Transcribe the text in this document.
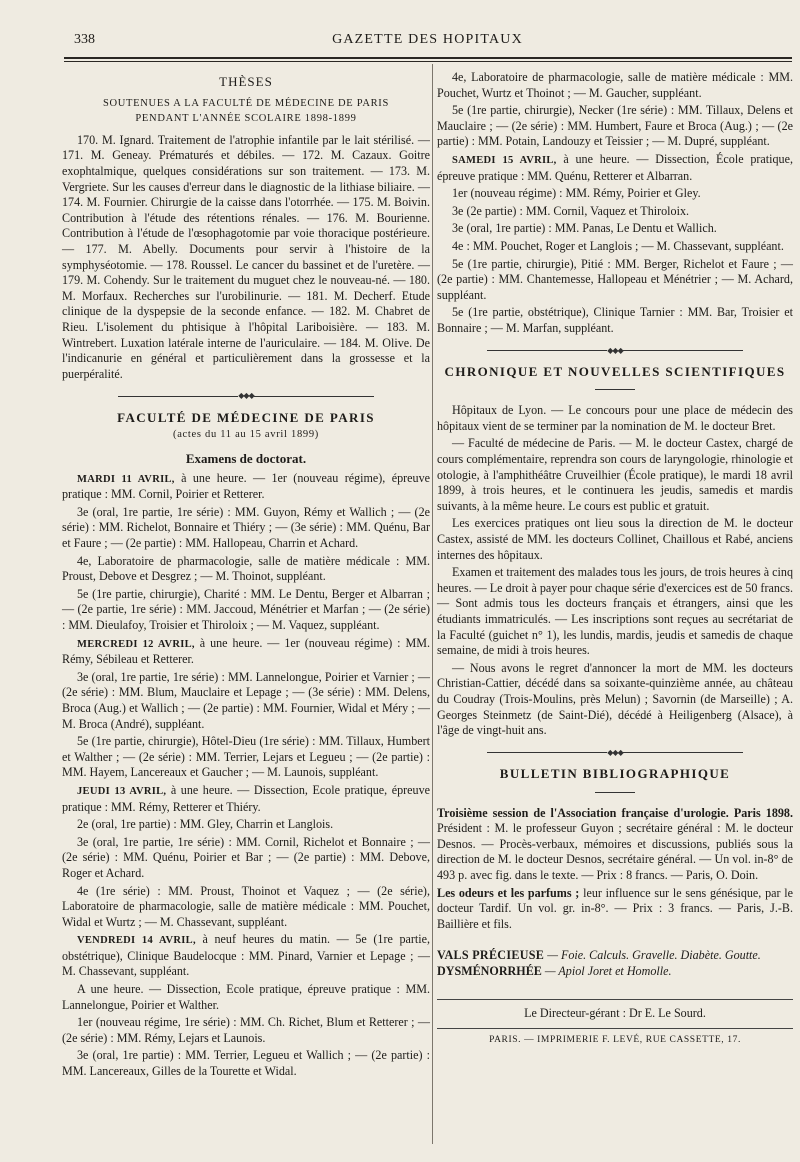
338	GAZETTE DES HOPITAUX
THÈSES
SOUTENUES A LA FACULTÉ DE MÉDECINE DE PARIS
PENDANT L'ANNÉE SCOLAIRE 1898-1899

170. M. Ignard. Traitement de l'atrophie infantile par le lait stérilisé. — 171. M. Geneay. Prématurés et débiles. — 172. M. Cazaux. Goitre exophtalmique, quelques considérations sur son traitement. — 173. M. Vergriete. Sur les causes d'erreur dans le diagnostic de la lithiase biliaire. — 174. M. Fournier. Chirurgie de la caisse dans l'otorrhée. — 175. M. Boivin. Contribution à l'étude des rétentions rénales. — 176. M. Bourienne. Contribution à l'étude de l'œsophagotomie par voie thoracique postérieure. — 177. M. Abelly. Documents pour servir à l'histoire de la symphyséotomie. — 178. Roussel. Le cancer du bassinet et de l'uretère. — 179. M. Cohendy. Sur le traitement du muguet chez le nouveau-né. — 180. M. Morfaux. Recherches sur l'urobilinurie. — 181. M. Decherf. Etude clinique de la dyspepsie de la seconde enfance. — 182. M. Chabret de Rieu. L'isolement du phtisique à l'hôpital Lariboisière. — 183. M. Wintrebert. Luxation latérale interne de l'auriculaire. — 184. M. Olive. De l'indicanurie en général et particulièrement dans la grossesse et la puerpéralité.

◆◆◆
FACULTÉ DE MÉDECINE DE PARIS
(actes du 11 au 15 avril 1899)
Examens de doctorat.

MARDI 11 AVRIL, à une heure. — 1er (nouveau régime), épreuve pratique : MM. Cornil, Poirier et Retterer.

3e (oral, 1re partie, 1re série) : MM. Guyon, Rémy et Wallich ; — (2e série) : MM. Richelot, Bonnaire et Thiéry ; — (3e série) : MM. Quénu, Bar et Faure ; — (2e partie) : MM. Hallopeau, Charrin et Achard.

4e, Laboratoire de pharmacologie, salle de matière médicale : MM. Proust, Debove et Desgrez ; — M. Thoinot, suppléant.

5e (1re partie, chirurgie), Charité : MM. Le Dentu, Berger et Albarran ; — (2e partie, 1re série) : MM. Jaccoud, Ménétrier et Marfan ; — (2e série) : MM. Dieulafoy, Troisier et Thiroloix ; — M. Vaquez, suppléant.

MERCREDI 12 AVRIL, à une heure. — 1er (nouveau régime) : MM. Rémy, Sébileau et Retterer.

3e (oral, 1re partie, 1re série) : MM. Lannelongue, Poirier et Varnier ; — (2e série) : MM. Blum, Mauclaire et Lepage ; — (3e série) : MM. Delens, Broca (Aug.) et Wallich ; — (2e partie) : MM. Fournier, Widal et Méry ; — M. Broca (André), suppléant.

5e (1re partie, chirurgie), Hôtel-Dieu (1re série) : MM. Tillaux, Humbert et Walther ; — (2e série) : MM. Terrier, Lejars et Legueu ; — (2e partie) : MM. Hayem, Lancereaux et Gaucher ; — M. Launois, suppléant.

JEUDI 13 AVRIL, à une heure. — Dissection, Ecole pratique, épreuve pratique : MM. Rémy, Retterer et Thiéry.

2e (oral, 1re partie) : MM. Gley, Charrin et Langlois.

3e (oral, 1re partie, 1re série) : MM. Cornil, Richelot et Bonnaire ; — (2e série) : MM. Quénu, Poirier et Bar ; — (2e partie) : MM. Debove, Roger et Achard.

4e (1re série) : MM. Proust, Thoinot et Vaquez ; — (2e série), Laboratoire de pharmacologie, salle de matière médicale : MM. Pouchet, Widal et Wurtz ; — M. Chassevant, suppléant.

VENDREDI 14 AVRIL, à neuf heures du matin. — 5e (1re partie, obstétrique), Clinique Baudelocque : MM. Pinard, Varnier et Lepage ; — M. Chassevant, suppléant.

A une heure. — Dissection, Ecole pratique, épreuve pratique : MM. Lannelongue, Poirier et Walther.

1er (nouveau régime, 1re série) : MM. Ch. Richet, Blum et Retterer ; — (2e série) : MM. Rémy, Lejars et Launois.

3e (oral, 1re partie) : MM. Terrier, Legueu et Wallich ; — (2e partie) : MM. Lancereaux, Gilles de la Tourette et Widal.

4e, Laboratoire de pharmacologie, salle de matière médicale : MM. Pouchet, Wurtz et Thoinot ; — M. Gaucher, suppléant.

5e (1re partie, chirurgie), Necker (1re série) : MM. Tillaux, Delens et Mauclaire ; — (2e série) : MM. Humbert, Faure et Broca (Aug.) ; — (2e partie) : MM. Potain, Landouzy et Teissier ; — M. Dupré, suppléant.

SAMEDI 15 AVRIL, à une heure. — Dissection, École pratique, épreuve pratique : MM. Quénu, Retterer et Albarran.

1er (nouveau régime) : MM. Rémy, Poirier et Gley.

3e (2e partie) : MM. Cornil, Vaquez et Thiroloix.

3e (oral, 1re partie) : MM. Panas, Le Dentu et Wallich.

4e : MM. Pouchet, Roger et Langlois ; — M. Chassevant, suppléant.

5e (1re partie, chirurgie), Pitié : MM. Berger, Richelot et Faure ; — (2e partie) : MM. Chantemesse, Hallopeau et Ménétrier ; — M. Achard, suppléant.

5e (1re partie, obstétrique), Clinique Tarnier : MM. Bar, Troisier et Bonnaire ; — M. Marfan, suppléant.

◆◆◆
CHRONIQUE ET NOUVELLES SCIENTIFIQUES

Hôpitaux de Lyon. — Le concours pour une place de médecin des hôpitaux vient de se terminer par la nomination de M. le docteur Bret.

— Faculté de médecine de Paris. — M. le docteur Castex, chargé de cours complémentaire, reprendra son cours de laryngologie, rhinologie et otologie, à l'amphithéâtre Cruveilhier (École pratique), le mardi 18 avril 1899, à trois heures, et le continuera les jeudis, samedis et mardis suivants, à la même heure. Le cours est public et gratuit.

Les exercices pratiques ont lieu sous la direction de M. le docteur Castex, assisté de MM. les docteurs Collinet, Chaillous et Rabé, anciens internes des hôpitaux.

Examen et traitement des malades tous les jours, de trois heures à cinq heures. — Le droit à payer pour chaque série d'exercices est de 50 francs. — Sont admis tous les docteurs français et étrangers, ainsi que les étudiants immatriculés. — Les inscriptions sont reçues au secrétariat de la Faculté (guichet n° 1), les lundis, mardis, jeudis et samedis de chaque semaine, de midi à trois heures.

— Nous avons le regret d'annoncer la mort de MM. les docteurs Christian-Cattier, décédé dans sa soixante-quinzième année, au château du Coudray (Trois-Moulins, près Melun) ; Savornin (de Marseille) ; A. Georges Steinmetz (de Saint-Dié), décédé à Heiligenberg (Alsace), à l'âge de vingt-huit ans.

◆◆◆
BULLETIN BIBLIOGRAPHIQUE

Troisième session de l'Association française d'urologie. Paris 1898. Président : M. le professeur Guyon ; secrétaire général : M. le docteur Desnos. — Procès-verbaux, mémoires et discussions, publiés sous la direction de M. le docteur Desnos, secrétaire général. — Un vol. in-8° de 493 p. avec fig. dans le texte. — Prix : 8 francs. — Paris, O. Doin.

Les odeurs et les parfums ; leur influence sur le sens génésique, par le docteur Tardif. Un vol. gr. in-8°. — Prix : 3 francs. — Paris, J.-B. Baillière et fils.

VALS PRÉCIEUSE — Foie. Calculs. Gravelle. Diabète. Goutte.

DYSMÉNORRHÉE — Apiol Joret et Homolle.

Le Directeur-gérant : Dr E. Le Sourd.

PARIS. — IMPRIMERIE F. LEVÉ, RUE CASSETTE, 17.
